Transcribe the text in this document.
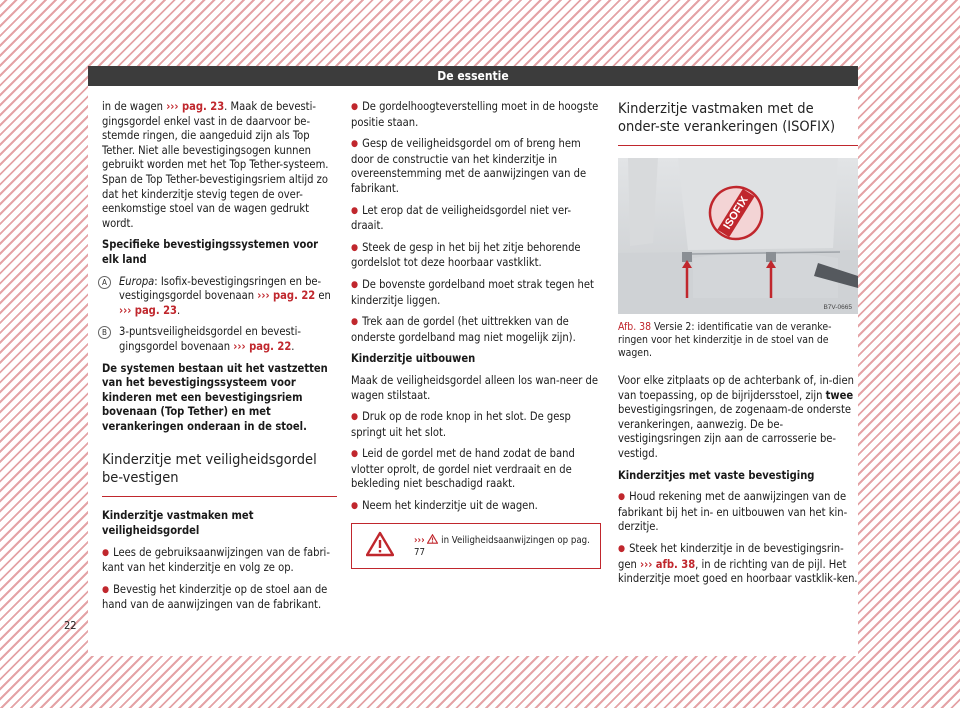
De essentie

in de wagen ››› pag. 23. Maak de bevesti-gingsgordel enkel vast in de daarvoor be-stemde ringen, die aangeduid zijn als Top Tether. Niet alle bevestigingsogen kunnen gebruikt worden met het Top Tether-systeem. Span de Top Tether-bevestigingsriem altijd zo dat het kinderzitje stevig tegen de over-eenkomstige stoel van de wagen gedrukt wordt.

Specifieke bevestigingssystemen voor elk land

A	Europa: Isofix-bevestigingsringen en be-vestigingsgordel bovenaan ››› pag. 22 en ››› pag. 23.
B	3-puntsveiligheidsgordel en bevesti-gingsgordel bovenaan ››› pag. 22.

De systemen bestaan uit het vastzetten van het bevestigingssysteem voor kinderen met een bevestigingsriem bovenaan (Top Tether) en met verankeringen onderaan in de stoel.

Kinderzitje met veiligheidsgordel be-vestigen

Kinderzitje vastmaken met veiligheidsgordel

● Lees de gebruiksaanwijzingen van de fabri-kant van het kinderzitje en volg ze op.

● Bevestig het kinderzitje op de stoel aan de hand van de aanwijzingen van de fabrikant.

● De gordelhoogteverstelling moet in de hoogste positie staan.

● Gesp de veiligheidsgordel om of breng hem door de constructie van het kinderzitje in overeenstemming met de aanwijzingen van de fabrikant.

● Let erop dat de veiligheidsgordel niet ver-draait.

● Steek de gesp in het bij het zitje behorende gordelslot tot deze hoorbaar vastklikt.

● De bovenste gordelband moet strak tegen het kinderzitje liggen.

● Trek aan de gordel (het uittrekken van de onderste gordelband mag niet mogelijk zijn).

Kinderzitje uitbouwen

Maak de veiligheidsgordel alleen los wan-neer de wagen stilstaat.

● Druk op de rode knop in het slot. De gesp springt uit het slot.

● Leid de gordel met de hand zodat de band vlotter oprolt, de gordel niet verdraait en de bekleding niet beschadigd raakt.

● Neem het kinderzitje uit de wagen.

››› in Veiligheidsaanwijzingen op pag. 77
Kinderzitje vastmaken met de onder-ste verankeringen (ISOFIX)
ISOFIX
B7V-0665
Afb. 38 Versie 2: identificatie van de veranke-ringen voor het kinderzitje in de stoel van de wagen.

Voor elke zitplaats op de achterbank of, in-dien van toepassing, op de bijrijdersstoel, zijn twee bevestigingsringen, de zogenaam-de onderste verankeringen, aanwezig. De be-vestigingsringen zijn aan de carrosserie be-vestigd.

Kinderzitjes met vaste bevestiging

● Houd rekening met de aanwijzingen van de fabrikant bij het in- en uitbouwen van het kin-derzitje.

● Steek het kinderzitje in de bevestigingsrin-gen ››› afb. 38, in de richting van de pijl. Het kinderzitje moet goed en hoorbaar vastklik-ken.

22
